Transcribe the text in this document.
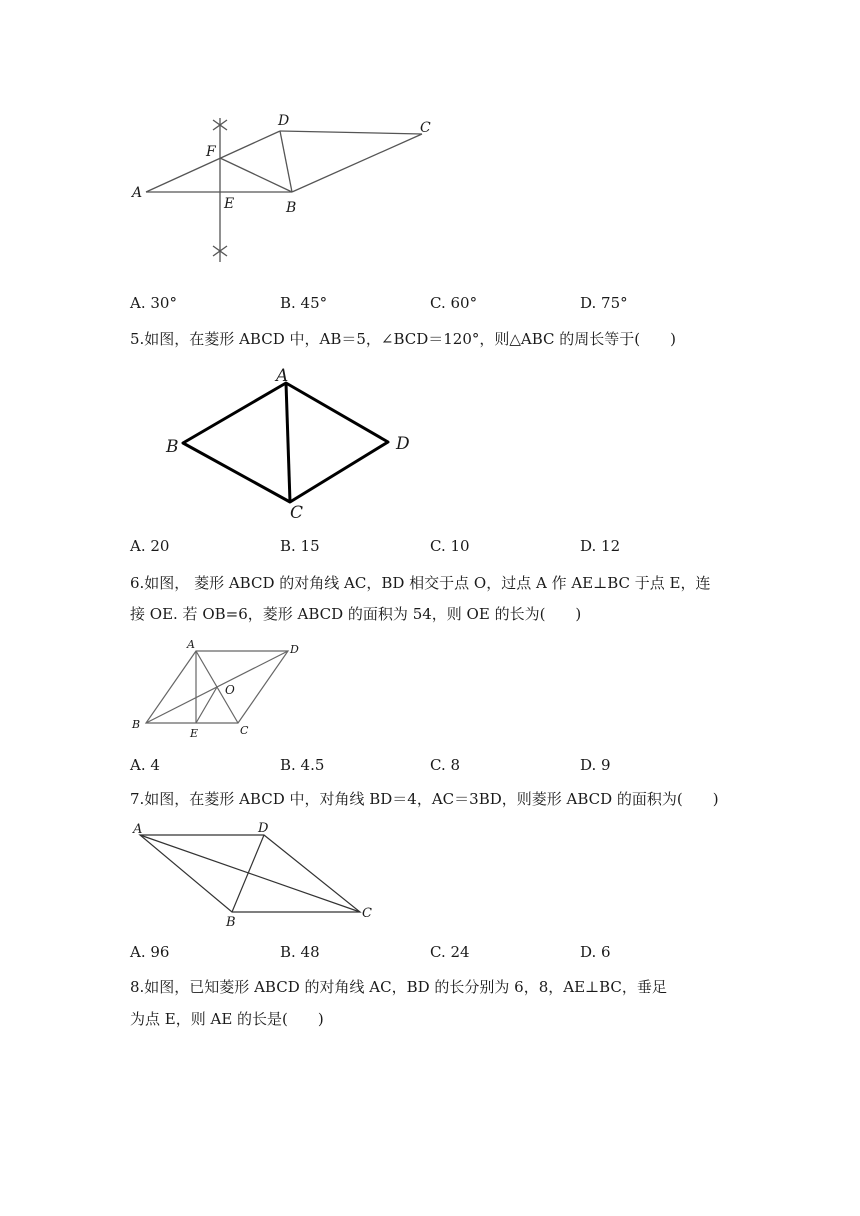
A
B
C
D
E
F
A. 30°	B. 45°	C. 60°	D. 75°
5.如图，在菱形 ABCD 中，AB＝5，∠BCD＝120°，则△ABC 的周长等于(　　)
A
B
C
D
A. 20	B. 15	C. 10	D. 12
6.如图， 菱形 ABCD 的对角线 AC，BD 相交于点 O，过点 A 作 AE⊥BC 于点 E，连
接 OE. 若 OB=6，菱形 ABCD 的面积为 54，则 OE 的长为(　　)
A
B	C
D
E
O
A. 4	B. 4.5	C. 8	D. 9
7.如图，在菱形 ABCD 中，对角线 BD＝4，AC＝3BD，则菱形 ABCD 的面积为(　　)
A
B
C
D
A. 96	B. 48	C. 24	D. 6
8.如图，已知菱形 ABCD 的对角线 AC，BD 的长分别为 6，8，AE⊥BC，垂足
为点 E，则 AE 的长是(　　)
